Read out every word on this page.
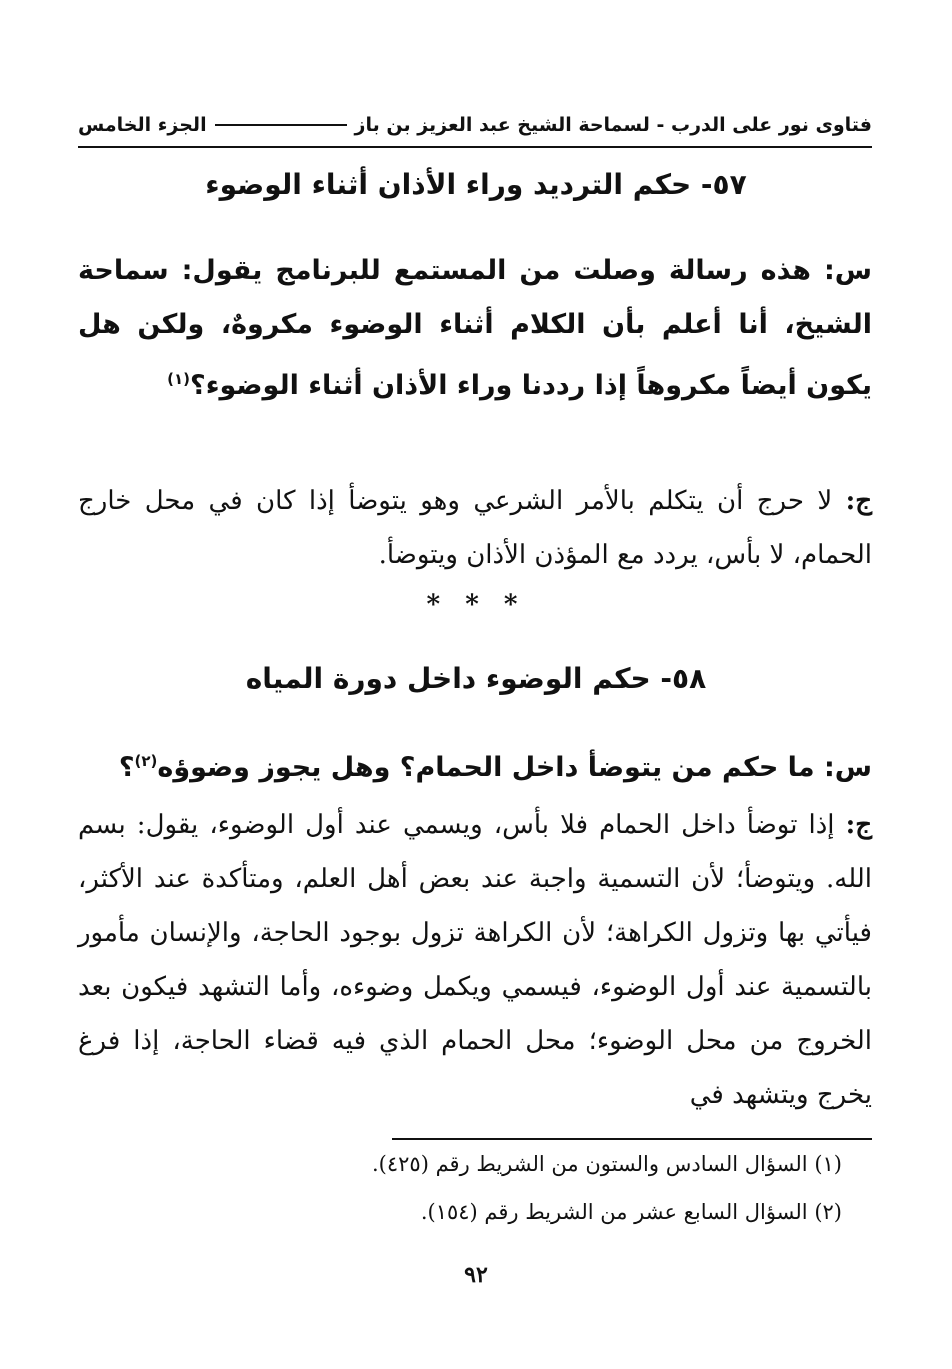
فتاوى نور على الدرب - لسماحة الشيخ عبد العزيز بن باز
الجزء الخامس
٥٧- حكم الترديد وراء الأذان أثناء الوضوء
س: هذه رسالة وصلت من المستمع للبرنامج يقول: سماحة الشيخ، أنا أعلم بأن الكلام أثناء الوضوء مكروهٌ، ولكن هل يكون أيضاً مكروهاً إذا رددنا وراء الأذان أثناء الوضوء؟$^{(١)}$
ج: لا حرج أن يتكلم بالأمر الشرعي وهو يتوضأ إذا كان في محل خارج الحمام، لا بأس، يردد مع المؤذن الأذان ويتوضأ.
* * *
٥٨- حكم الوضوء داخل دورة المياه
س: ما حكم من يتوضأ داخل الحمام؟ وهل يجوز وضوؤه$^{(٢)}$؟
ج: إذا توضأ داخل الحمام فلا بأس، ويسمي عند أول الوضوء، يقول: بسم الله. ويتوضأ؛ لأن التسمية واجبة عند بعض أهل العلم، ومتأكدة عند الأكثر، فيأتي بها وتزول الكراهة؛ لأن الكراهة تزول بوجود الحاجة، والإنسان مأمور بالتسمية عند أول الوضوء، فيسمي ويكمل وضوءه، وأما التشهد فيكون بعد الخروج من محل الوضوء؛ محل الحمام الذي فيه قضاء الحاجة، إذا فرغ يخرج ويتشهد في
(١) السؤال السادس والستون من الشريط رقم (٤٢٥).
(٢) السؤال السابع عشر من الشريط رقم (١٥٤).
٩٢
